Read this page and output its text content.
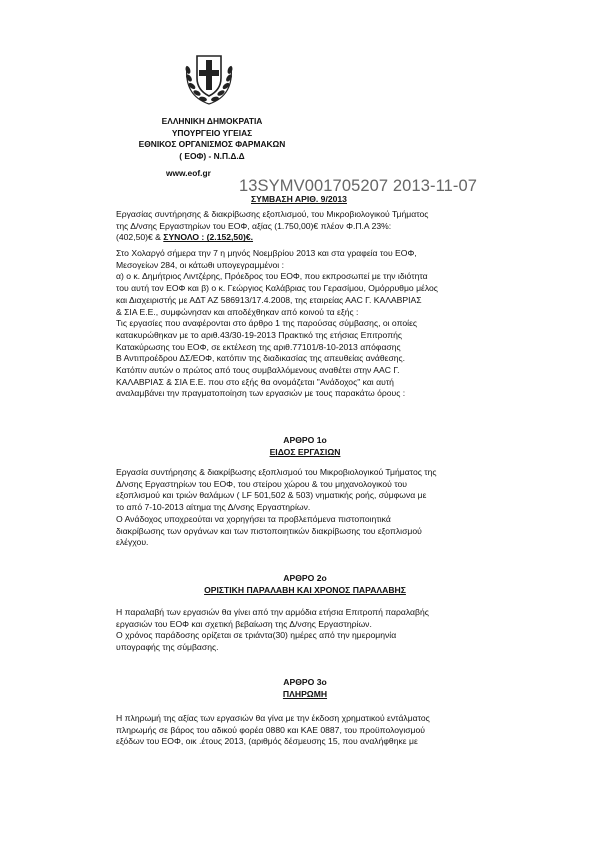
ΕΛΛΗΝΙΚΗ ΔΗΜΟΚΡΑΤΙΑ
ΥΠΟΥΡΓΕΙΟ ΥΓΕΙΑΣ
ΕΘΝΙΚΟΣ ΟΡΓΑΝΙΣΜΟΣ ΦΑΡΜΑΚΩΝ
( ΕΟΦ) - Ν.Π.Δ.Δ
www.eof.gr
13SYMV001705207 2013-11-07
ΣΥΜΒΑΣΗ ΑΡΙΘ. 9/2013
Εργασίας συντήρησης & διακρίβωσης εξοπλισμού, του Μικροβιολογικού Τμήματος
της Δ/νσης Εργαστηρίων του ΕΟΦ, αξίας (1.750,00)€ πλέον Φ.Π.Α 23%:
(402,50)€ & ΣΥΝΟΛΟ : (2.152,50)€.
Στο Χολαργό σήμερα την 7 η μηνός Νοεμβρίου 2013 και στα γραφεία του ΕΟΦ,
Μεσογείων 284, οι κάτωθι υπογεγραμμένοι :
α) ο κ. Δημήτριος Λιντζέρης, Πρόεδρος του ΕΟΦ, που εκπροσωπεί με την ιδιότητα
του αυτή τον ΕΟΦ και β) ο κ. Γεώργιος Καλάβριας του Γερασίμου, Ομόρρυθμο μέλος
και Διαχειριστής με ΑΔΤ ΑΖ 586913/17.4.2008, της εταιρείας ΑΑС Γ. ΚΑΛΑΒΡΙΑΣ
& ΣΙΑ Ε.Ε., συμφώνησαν και αποδέχθηκαν από κοινού τα εξής :
Τις εργασίες που αναφέρονται στο άρθρο 1 της παρούσας σύμβασης, οι οποίες
κατακυρώθηκαν με το αριθ.43/30-19-2013 Πρακτικό της ετήσιας Επιτροπής
Κατακύρωσης του ΕΟΦ, σε εκτέλεση της αριθ.77101/8-10-2013 απόφασης
Β Αντιπροέδρου ΔΣ/ΕΟΦ, κατόπιν της διαδικασίας της απευθείας ανάθεσης.
Κατόπιν αυτών ο πρώτος από τους συμβαλλόμενους αναθέτει στην ΑΑС Γ.
ΚΑΛΑΒΡΙΑΣ & ΣΙΑ Ε.Ε. που στο εξής θα ονομάζεται "Ανάδοχος" και αυτή
αναλαμβάνει την πραγματοποίηση των εργασιών με τους παρακάτω όρους :
ΑΡΘΡΟ 1ο
ΕΙΔΟΣ ΕΡΓΑΣΙΩΝ
Εργασία συντήρησης & διακρίβωσης εξοπλισμού του Μικροβιολογικού Τμήματος της
Δ/νσης Εργαστηρίων του ΕΟΦ, του στείρου χώρου & του μηχανολογικού του
εξοπλισμού και τριών θαλάμων ( LF 501,502 & 503) νηματικής ροής, σύμφωνα με
το από 7-10-2013 αίτημα της Δ/νσης Εργαστηρίων.
Ο Ανάδοχος υποχρεούται να χορηγήσει τα προβλεπόμενα πιστοποιητικά
διακρίβωσης των οργάνων και των πιστοποιητικών διακρίβωσης του εξοπλισμού
ελέγχου.
ΑΡΘΡΟ 2ο
ΟΡΙΣΤΙΚΗ ΠΑΡΑΛΑΒΗ ΚΑΙ ΧΡΟΝΟΣ ΠΑΡΑΛΑΒΗΣ
Η παραλαβή των εργασιών θα γίνει από την αρμόδια ετήσια Επιτροπή παραλαβής
εργασιών του ΕΟΦ και σχετική βεβαίωση της Δ/νσης Εργαστηρίων.
Ο χρόνος παράδοσης ορίζεται σε τριάντα(30) ημέρες από την ημερομηνία
υπογραφής της σύμβασης.
ΑΡΘΡΟ 3ο
ΠΛΗΡΩΜΗ
Η πληρωμή της αξίας των εργασιών θα γίνα με την έκδοση χρηματικού εντάλματος
πληρωμής σε βάρος του αδικού φορέα 0880 και ΚΑΕ 0887, του προϋπολογισμού
εξόδων του ΕΟΦ, οικ .έτους 2013, (αριθμός δέσμευσης 15, που αναλήφθηκε με
